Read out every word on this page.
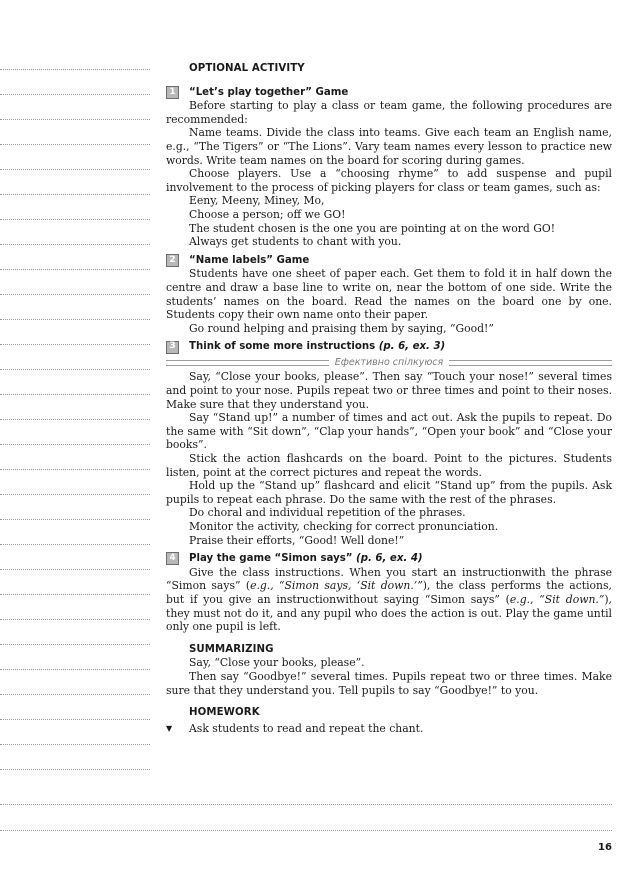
OPTIONAL ACTIVITY
1	“Let’s play together” Game

Before starting to play a class or team game, the following procedures are recommended:

Name teams. Divide the class into teams. Give each team an English name, e.g., “The Tigers” or “The Lions”. Vary team names every lesson to practice new words. Write team names on the board for scoring during games.

Choose players. Use a “choosing rhyme” to add suspense and pupil involvement to the process of picking players for class or team games, such as:

Eeny, Meeny, Miney, Mo,

Choose a person; off we GO!

The student chosen is the one you are pointing at on the word GO!

Always get students to chant with you.

2	“Name labels” Game

Students have one sheet of paper each. Get them to fold it in half down the centre and draw a base line to write on, near the bottom of one side. Write the students’ names on the board. Read the names on the board one by one. Students copy their own name onto their paper.

Go round helping and praising them by saying, “Good!”

3	Think of some more instructions
(p. 6, ex. 3)
Ефективно спілкуюся

Say, “Close your books, please”. Then say “Touch your nose!” several times and point to your nose. Pupils repeat two or three times and point to their noses. Make sure that they understand you.

Say “Stand up!” a number of times and act out. Ask the pupils to repeat. Do the same with “Sit down”, “Clap your hands”, “Open your book” and “Close your books”.

Stick the action flashcards on the board. Point to the pictures. Students listen, point at the correct pictures and repeat the words.

Hold up the “Stand up” flashcard and elicit “Stand up” from the pupils. Ask pupils to repeat each phrase. Do the same with the rest of the phrases.

Do choral and individual repetition of the phrases.

Monitor the activity, checking for correct pronunciation.

Praise their efforts, “Good! Well done!”

4	Play the game “Simon says”
(p. 6, ex. 4)

Give the class instructions. When you start an instructionwith the phrase “Simon says” (e.g., “Simon says, ‘Sit down.’”), the class performs the actions, but if you give an instructionwithout saying “Simon says” (e.g., “Sit down.”), they must not do it, and any pupil who does the action is out. Play the game until only one pupil is left.

SUMMARIZING

Say, “Close your books, please”.

Then say “Goodbye!” several times. Pupils repeat two or three times. Make sure that they understand you. Tell pupils to say “Goodbye!” to you.

HOMEWORK
▼	Ask students to read and repeat the chant.
16
